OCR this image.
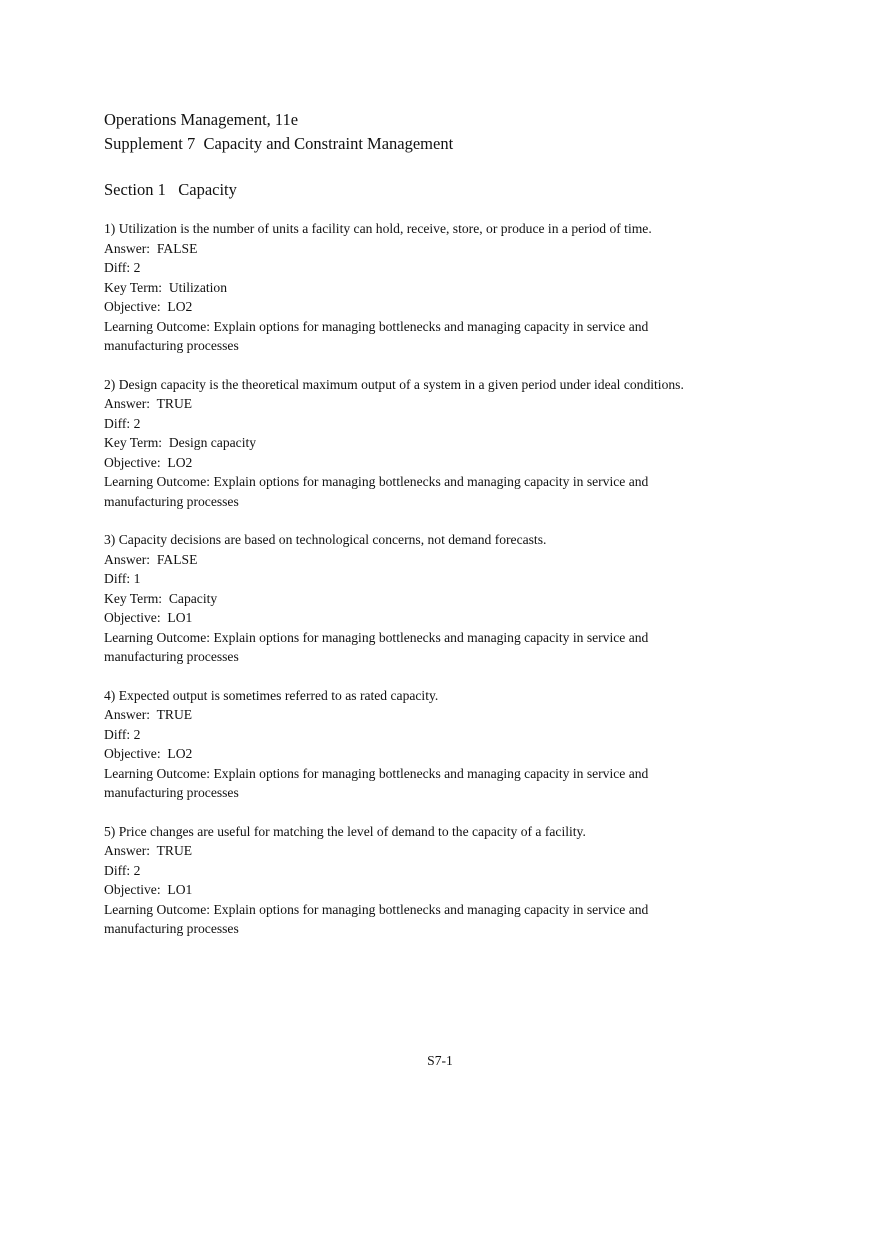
Operations Management, 11e
Supplement 7  Capacity and Constraint Management
Section 1   Capacity
1) Utilization is the number of units a facility can hold, receive, store, or produce in a period of time.
Answer:  FALSE
Diff: 2
Key Term:  Utilization
Objective:  LO2
Learning Outcome: Explain options for managing bottlenecks and managing capacity in service and manufacturing processes
2) Design capacity is the theoretical maximum output of a system in a given period under ideal conditions.
Answer:  TRUE
Diff: 2
Key Term:  Design capacity
Objective:  LO2
Learning Outcome: Explain options for managing bottlenecks and managing capacity in service and manufacturing processes
3) Capacity decisions are based on technological concerns, not demand forecasts.
Answer:  FALSE
Diff: 1
Key Term:  Capacity
Objective:  LO1
Learning Outcome: Explain options for managing bottlenecks and managing capacity in service and manufacturing processes
4) Expected output is sometimes referred to as rated capacity.
Answer:  TRUE
Diff: 2
Objective:  LO2
Learning Outcome: Explain options for managing bottlenecks and managing capacity in service and manufacturing processes
5) Price changes are useful for matching the level of demand to the capacity of a facility.
Answer:  TRUE
Diff: 2
Objective:  LO1
Learning Outcome: Explain options for managing bottlenecks and managing capacity in service and manufacturing processes
S7-1
